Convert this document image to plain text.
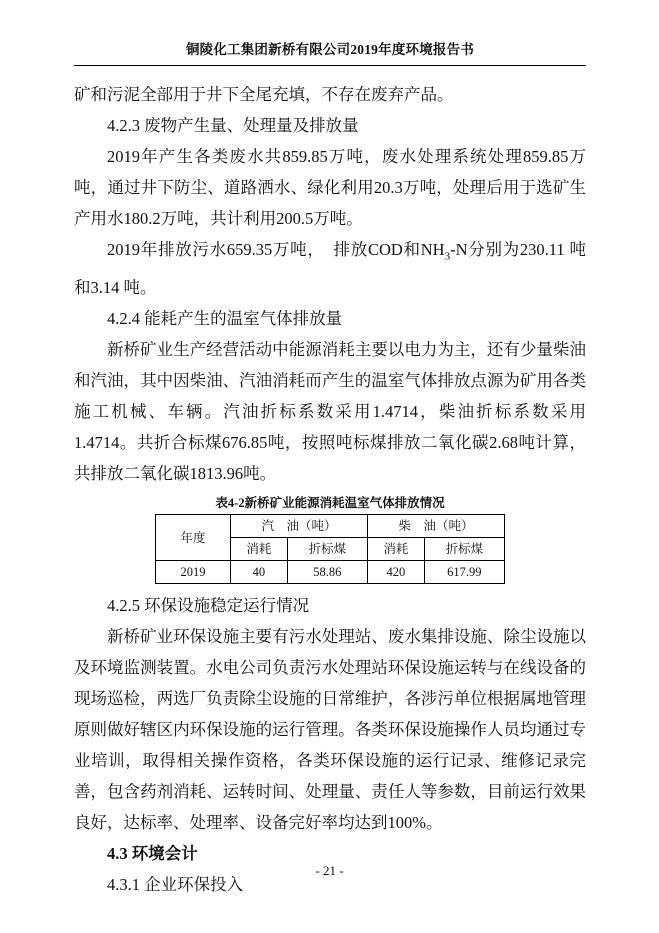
铜陵化工集团新桥有限公司2019年度环境报告书

矿和污泥全部用于井下全尾充填，不存在废弃产品。

4.2.3 废物产生量、处理量及排放量

2019年产生各类废水共859.85万吨，废水处理系统处理859.85万吨，通过井下防尘、道路洒水、绿化利用20.3万吨，处理后用于选矿生产用水180.2万吨，共计利用200.5万吨。

2019年排放污水659.35万吨，　排放COD和$NH_3-N$分别为230.11 吨和3.14 吨。

4.2.4 能耗产生的温室气体排放量

新桥矿业生产经营活动中能源消耗主要以电力为主，还有少量柴油和汽油，其中因柴油、汽油消耗而产生的温室气体排放点源为矿用各类施工机械、车辆。汽油折标系数采用1.4714，柴油折标系数采用1.4714。共折合标煤676.85吨，按照吨标煤排放二氧化碳2.68吨计算，共排放二氧化碳1813.96吨。

表4-2新桥矿业能源消耗温室气体排放情况
年度	汽　油（吨）		柴　油（吨）	
	消耗	折标煤	消耗	折标煤
2019	40	58.86	420	617.99

4.2.5 环保设施稳定运行情况

新桥矿业环保设施主要有污水处理站、废水集排设施、除尘设施以及环境监测装置。水电公司负责污水处理站环保设施运转与在线设备的现场巡检，两选厂负责除尘设施的日常维护，各涉污单位根据属地管理原则做好辖区内环保设施的运行管理。各类环保设施操作人员均通过专业培训，取得相关操作资格，各类环保设施的运行记录、维修记录完善，包含药剂消耗、运转时间、处理量、责任人等参数，目前运行效果良好，达标率、处理率、设备完好率均达到100%。

4.3 环境会计

4.3.1 企业环保投入

- 21 -
